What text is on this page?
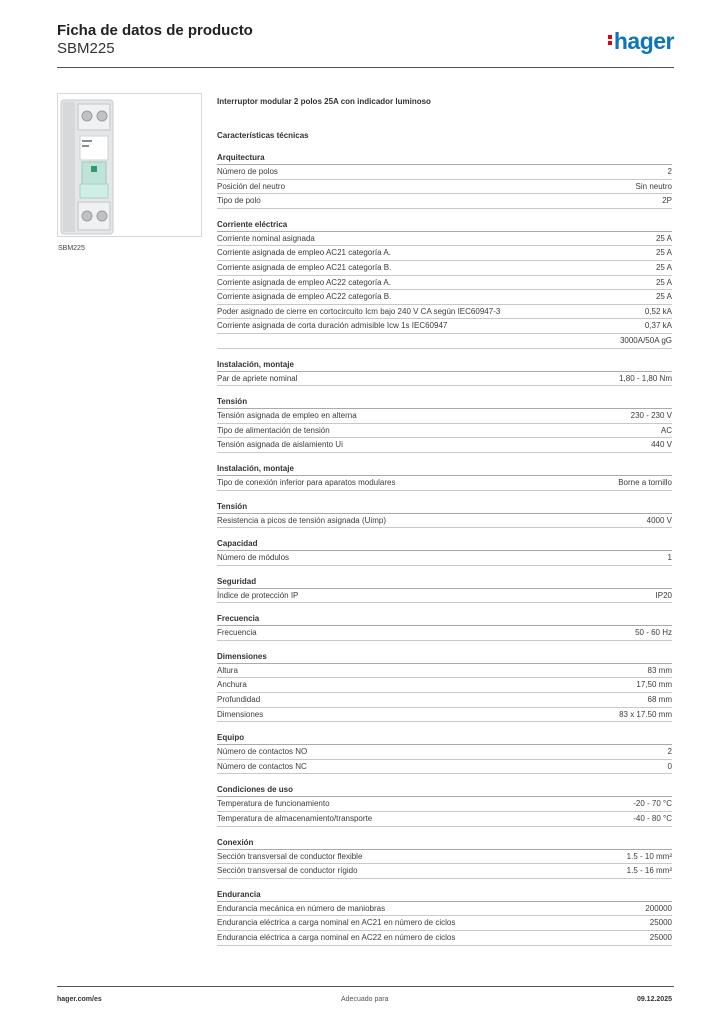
Ficha de datos de producto
SBM225	hager
SBM225
Interruptor modular 2 polos 25A con indicador luminoso
Características técnicas
Arquitectura
Número de polos	2
Posición del neutro	Sin neutro
Tipo de polo	2P
Corriente eléctrica
Corriente nominal asignada	25 A
Corriente asignada de empleo AC21 categoría A.	25 A
Corriente asignada de empleo AC21 categoría B.	25 A
Corriente asignada de empleo AC22 categoría A.	25 A
Corriente asignada de empleo AC22 categoría B.	25 A
Poder asignado de cierre en cortocircuito Icm bajo 240 V CA según IEC60947-3	0,52 kA
Corriente asignada de corta duración admisible Icw 1s IEC60947	0,37 kA
3000A/50A gG
Instalación, montaje
Par de apriete nominal	1,80 - 1,80 Nm
Tensión
Tensión asignada de empleo en alterna	230 - 230 V
Tipo de alimentación de tensión	AC
Tensión asignada de aislamiento Ui	440 V
Instalación, montaje
Tipo de conexión inferior para aparatos modulares	Borne a tornillo
Tensión
Resistencia a picos de tensión asignada (Uimp)	4000 V
Capacidad
Número de módulos	1
Seguridad
Índice de protección IP	IP20
Frecuencia
Frecuencia	50 - 60 Hz
Dimensiones
Altura	83 mm
Anchura	17,50 mm
Profundidad	68 mm
Dimensiones	83 x 17.50 mm
Equipo
Número de contactos NO	2
Número de contactos NC	0
Condiciones de uso
Temperatura de funcionamiento	-20 - 70 °C
Temperatura de almacenamiento/transporte	-40 - 80 °C
Conexión
Sección transversal de conductor flexible	1.5 - 10 mm²
Sección transversal de conductor rígido	1.5 - 16 mm²
Endurancia
Endurancia mecánica en número de maniobras	200000
Endurancia eléctrica a carga nominal en AC21 en número de ciclos	25000
Endurancia eléctrica a carga nominal en AC22 en número de ciclos	25000
hager.com/es	Adecuado para	09.12.2025
